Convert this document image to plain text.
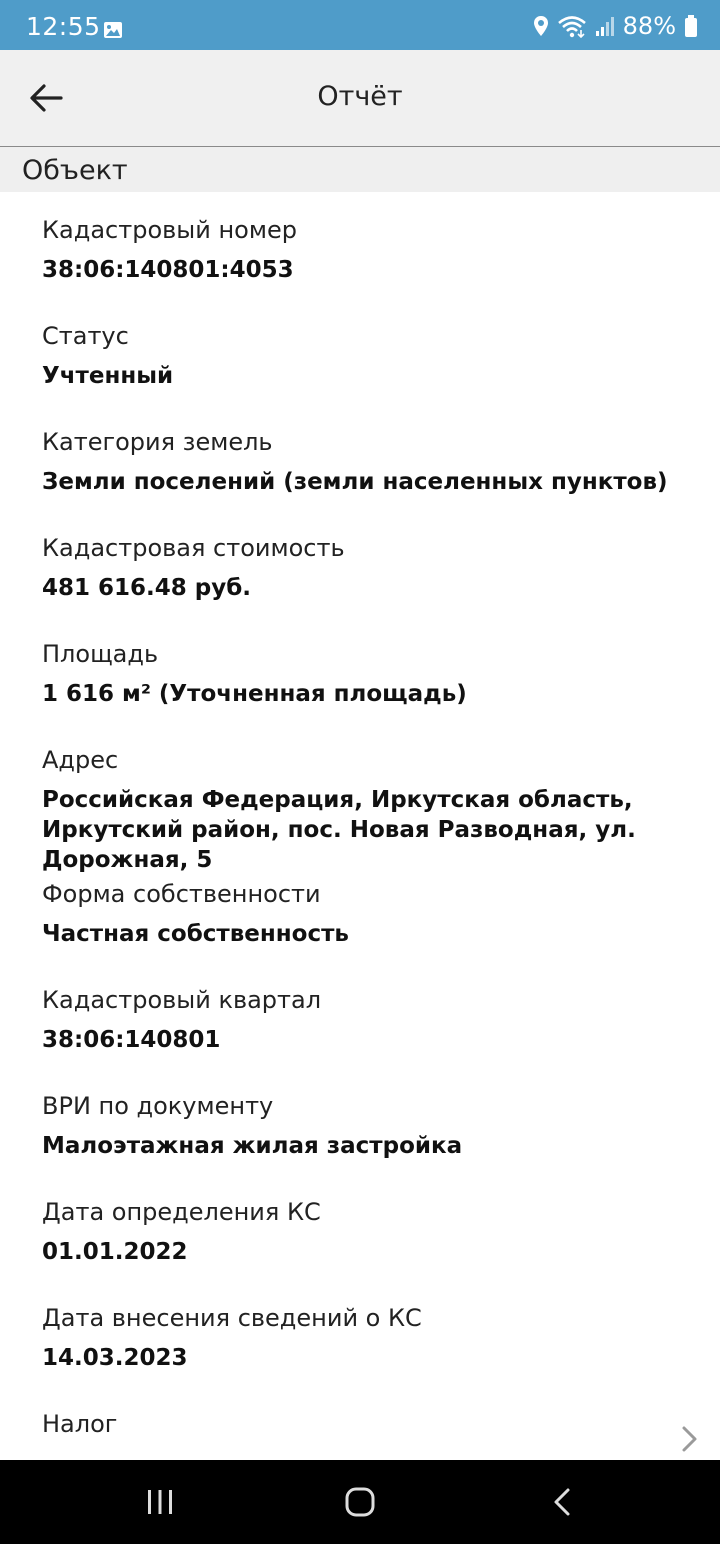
12:55	88%
Отчёт
Объект
Кадастровый номер
38:06:140801:4053
Статус
Учтенный
Категория земель
Земли поселений (земли населенных пунктов)
Кадастровая стоимость
481 616.48 руб.
Площадь
1 616 м² (Уточненная площадь)
Адрес
Российская Федерация, Иркутская область, Иркутский район, пос. Новая Разводная, ул. Дорожная, 5
Форма собственности
Частная собственность
Кадастровый квартал
38:06:140801
ВРИ по документу
Малоэтажная жилая застройка
Дата определения КС
01.01.2022
Дата внесения сведений о КС
14.03.2023
Налог
